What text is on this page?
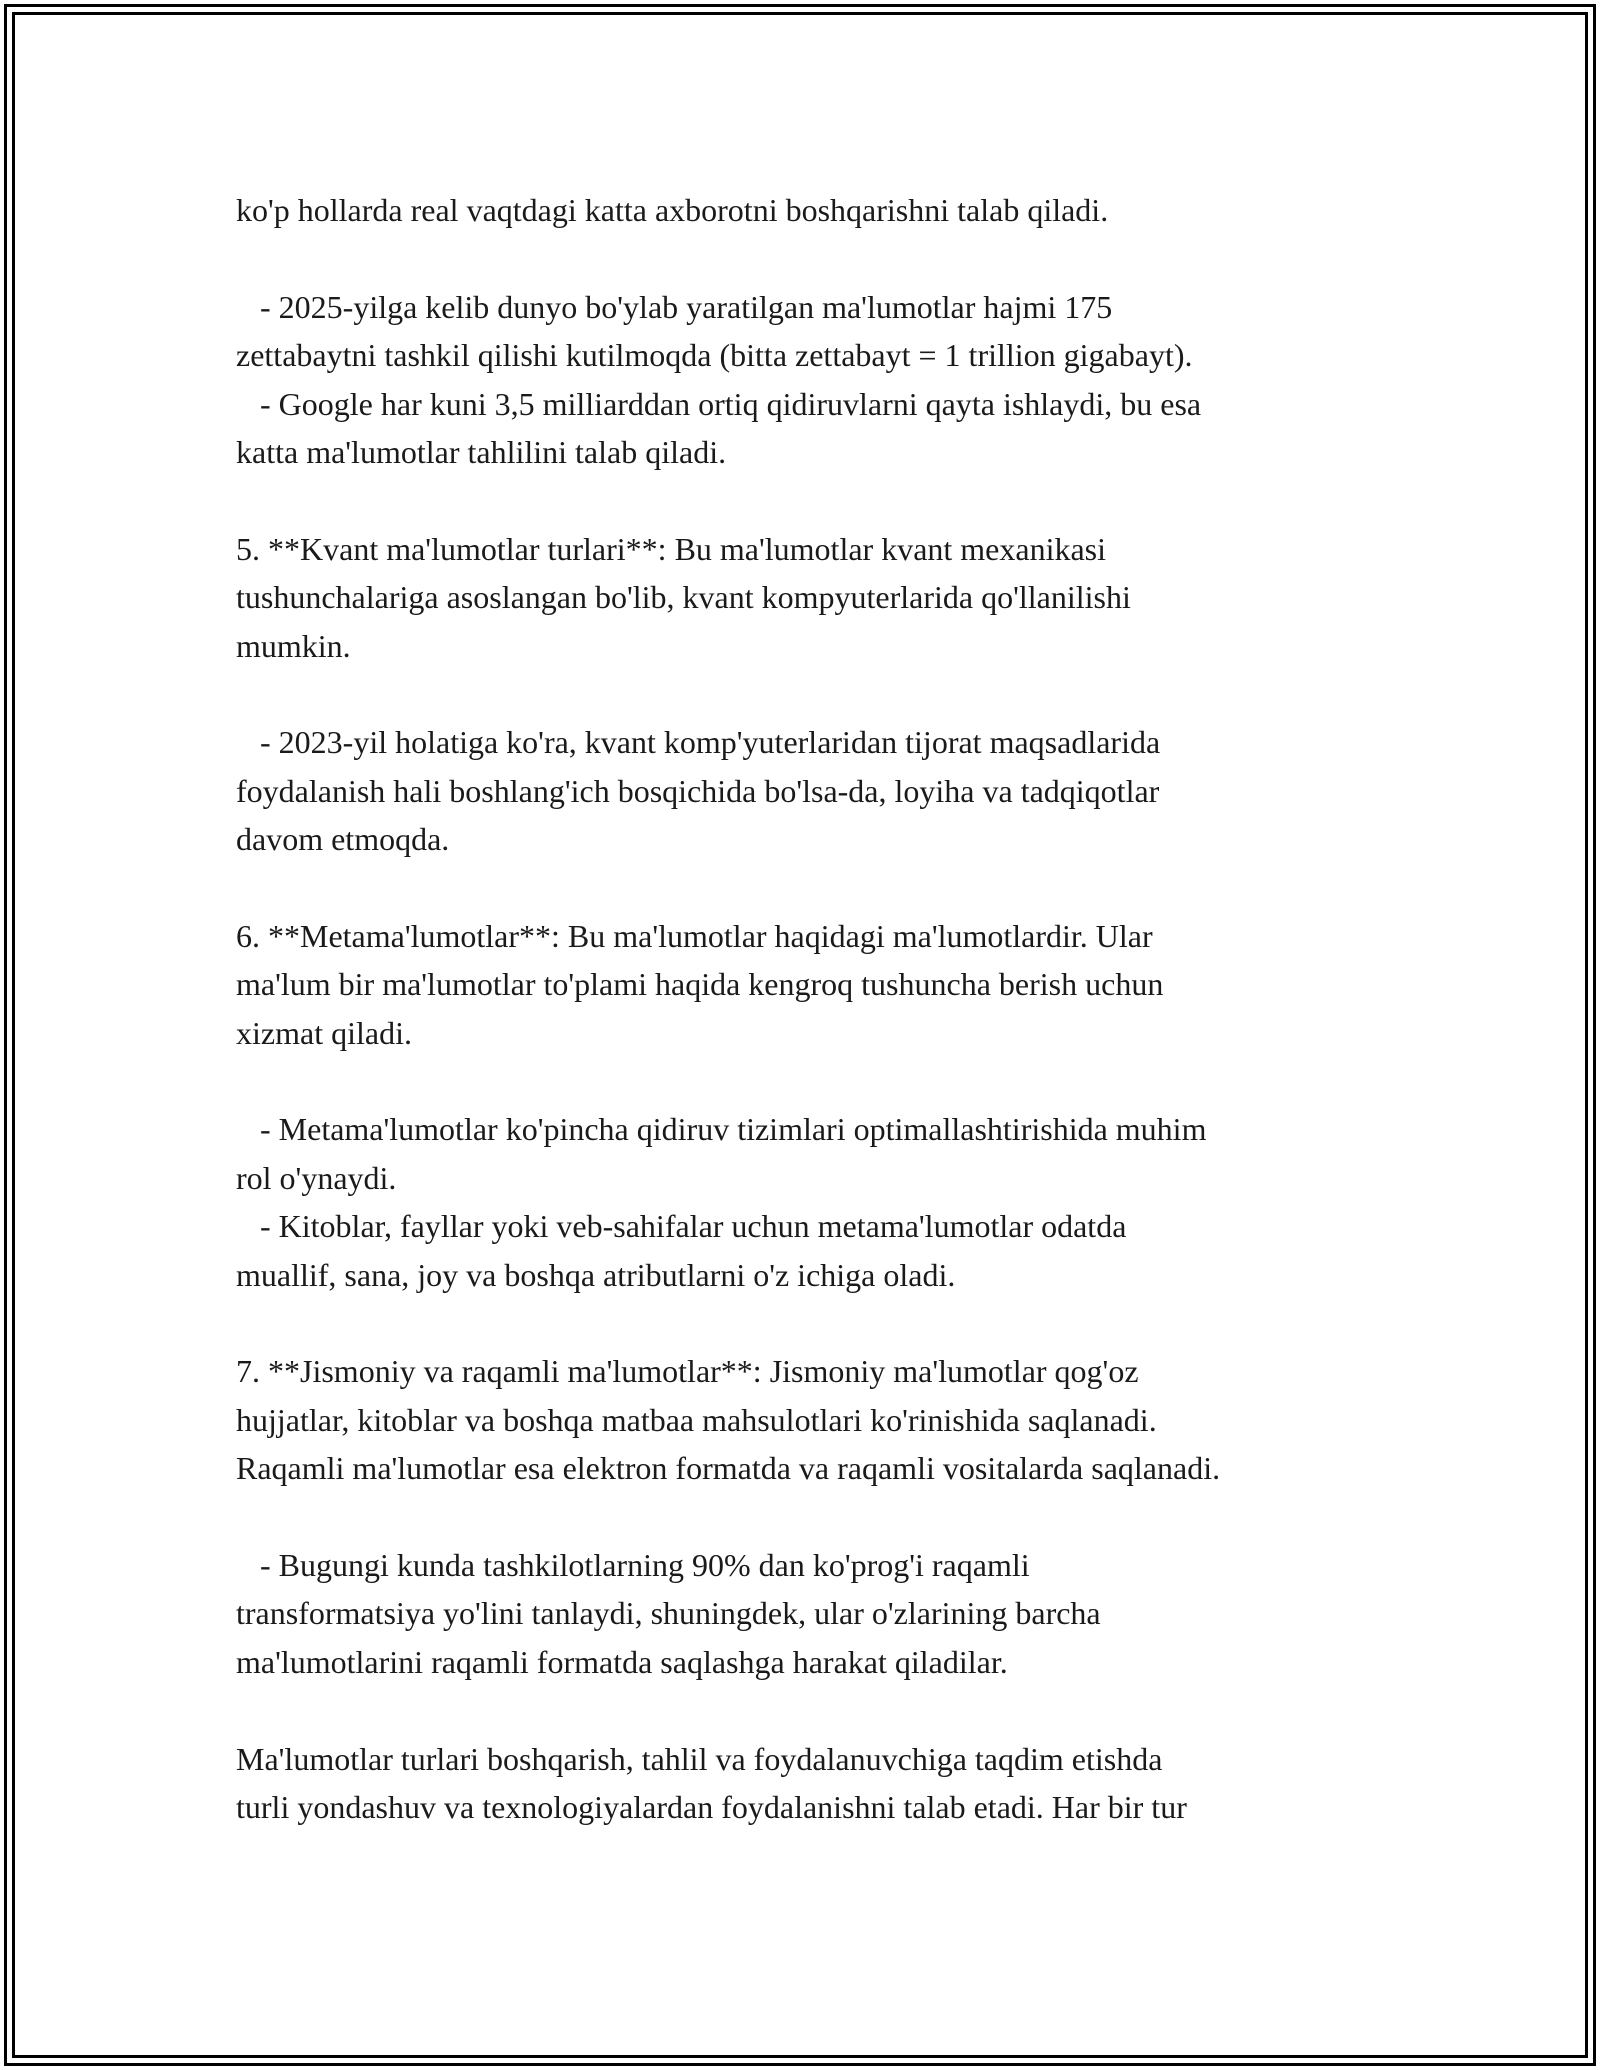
ko'p hollarda real vaqtdagi katta axborotni boshqarishni talab qiladi.
- 2025-yilga kelib dunyo bo'ylab yaratilgan ma'lumotlar hajmi 175
zettabaytni tashkil qilishi kutilmoqda (bitta zettabayt = 1 trillion gigabayt).
- Google har kuni 3,5 milliarddan ortiq qidiruvlarni qayta ishlaydi, bu esa
katta ma'lumotlar tahlilini talab qiladi.
5. **Kvant ma'lumotlar turlari**: Bu ma'lumotlar kvant mexanikasi
tushunchalariga asoslangan bo'lib, kvant kompyuterlarida qo'llanilishi
mumkin.
- 2023-yil holatiga ko'ra, kvant komp'yuterlaridan tijorat maqsadlarida
foydalanish hali boshlang'ich bosqichida bo'lsa-da, loyiha va tadqiqotlar
davom etmoqda.
6. **Metama'lumotlar**: Bu ma'lumotlar haqidagi ma'lumotlardir. Ular
ma'lum bir ma'lumotlar to'plami haqida kengroq tushuncha berish uchun
xizmat qiladi.
- Metama'lumotlar ko'pincha qidiruv tizimlari optimallashtirishida muhim
rol o'ynaydi.
- Kitoblar, fayllar yoki veb-sahifalar uchun metama'lumotlar odatda
muallif, sana, joy va boshqa atributlarni o'z ichiga oladi.
7. **Jismoniy va raqamli ma'lumotlar**: Jismoniy ma'lumotlar qog'oz
hujjatlar, kitoblar va boshqa matbaa mahsulotlari ko'rinishida saqlanadi.
Raqamli ma'lumotlar esa elektron formatda va raqamli vositalarda saqlanadi.
- Bugungi kunda tashkilotlarning 90% dan ko'prog'i raqamli
transformatsiya yo'lini tanlaydi, shuningdek, ular o'zlarining barcha
ma'lumotlarini raqamli formatda saqlashga harakat qiladilar.
Ma'lumotlar turlari boshqarish, tahlil va foydalanuvchiga taqdim etishda
turli yondashuv va texnologiyalardan foydalanishni talab etadi. Har bir tur
